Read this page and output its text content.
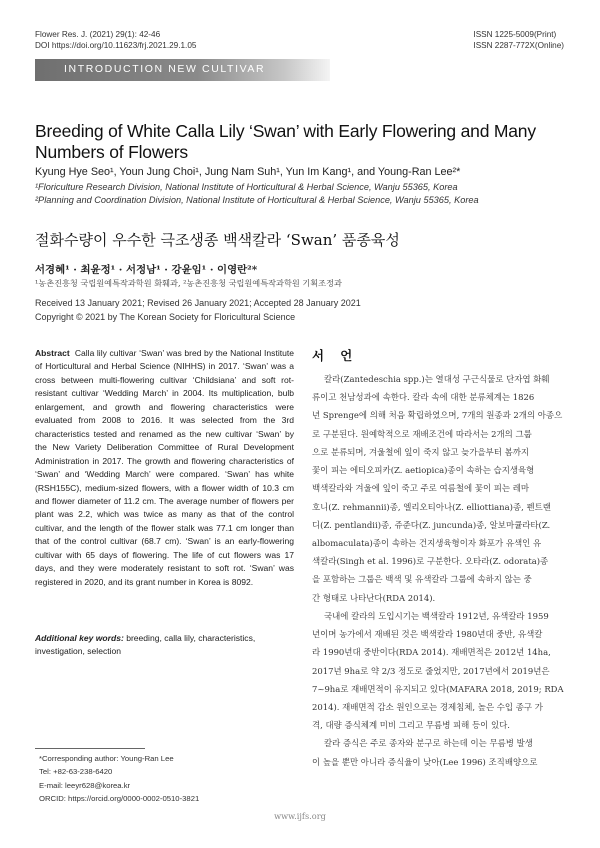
Flower Res. J. (2021) 29(1): 42-46
DOI https://doi.org/10.11623/frj.2021.29.1.05
ISSN 1225-5009(Print)
ISSN 2287-772X(Online)
INTRODUCTION NEW CULTIVAR
Breeding of White Calla Lily ‘Swan’ with Early Flowering and Many Numbers of Flowers
Kyung Hye Seo¹, Youn Jung Choi¹, Jung Nam Suh¹, Yun Im Kang¹, and Young-Ran Lee²*
¹Floriculture Research Division, National Institute of Horticultural & Herbal Science, Wanju 55365, Korea
²Planning and Coordination Division, National Institute of Horticultural & Herbal Science, Wanju 55365, Korea
절화수량이 우수한 극조생종 백색칼라 ‘Swan’ 품종육성
서경혜¹ · 최윤정¹ · 서정남¹ · 강윤임¹ · 이영란²*
¹농촌진흥청 국립원예특작과학원 화훼과, ²농촌진흥청 국립원예특작과학원 기획조정과
Received 13 January 2021; Revised 26 January 2021; Accepted 28 January 2021
Copyright © 2021 by The Korean Society for Floricultural Science
Abstract Calla lily cultivar ‘Swan’ was bred by the National Institute of Horticultural and Herbal Science (NIHHS) in 2017. ‘Swan’ was a cross between multi-flowering cultivar ‘Childsiana’ and soft rot-resistant cultivar ‘Wedding March’ in 2004. Its multiplication, bulb enlargement, and growth and flowering characteristics were evaluated from 2008 to 2016. It was selected from the 3rd characteristics tested and renamed as the new cultivar ‘Swan’ by the New Variety Deliberation Committee of Rural Development Administration in 2017. The growth and flowering characteristics of ‘Swan’ and ‘Wedding March’ were compared. ‘Swan’ has white (RSH155C), medium-sized flowers, with a flower width of 10.3 cm and flower diameter of 11.2 cm. The average number of flowers per plant was 2.2, which was twice as many as that of the control cultivar, and the length of the flower stalk was 77.1 cm longer than that of the control cultivar (68.7 cm). ‘Swan’ is an early-flowering cultivar with 65 days of flowering. The life of cut flowers was 17 days, and they were moderately resistant to soft rot. ‘Swan’ was registered in 2020, and its grant number in Korea is 8092.
Additional key words: breeding, calla lily, characteristics, investigation, selection
*Corresponding author: Young-Ran Lee
Tel: +82-63-238-6420
E-mail: leeyr628@korea.kr
ORCID: https://orcid.org/0000-0002-0510-3821
서 언

칼라(Zantedeschia spp.)는 열대성 구근식물로 단자엽 화훼

류이고 천남성과에 속한다. 칼라 속에 대한 분류체계는 1826

년 Sprenge에 의해 처음 확립하였으며, 7개의 원종과 2개의 아종으

로 구분된다. 원예학적으로 재배조건에 따라서는 2개의 그룹

으로 분류되며, 겨울철에 잎이 죽지 않고 늦가을부터 봄까지

꽃이 피는 에티오피카(Z. aetiopica)종이 속하는 습지생육형

백색칼라와 겨울에 잎이 죽고 주로 여름철에 꽃이 피는 레마

호니(Z. rehmannii)종, 엘리오티아나(Z. elliottiana)종, 펜트랜

디(Z. pentlandii)종, 쥬준다(Z. juncunda)종, 알보마큘라타(Z.

albomaculata)종이 속하는 건지생육형이자 화포가 유색인 유

색칼라(Singh et al. 1996)로 구분한다. 오타라(Z. odorata)종

을 포함하는 그룹은 백색 및 유색칼라 그룹에 속하지 않는 중

간 형태로 나타난다(RDA 2014).

국내에 칼라의 도입시기는 백색칼라 1912년, 유색칼라 1959

년이며 농가에서 재배된 것은 백색칼라 1980년대 중반, 유색칼

라 1990년대 중반이다(RDA 2014). 재배면적은 2012년 14ha,

2017년 9ha로 약 2/3 정도로 줄었지만, 2017년에서 2019년은

7~9ha로 재배면적이 유지되고 있다(MAFARA 2018, 2019; RDA

2014). 재배면적 감소 원인으로는 경제침체, 높은 수입 종구 가

격, 대량 증식체계 미비 그리고 무름병 피해 등이 있다.

칼라 증식은 주로 종자와 분구로 하는데 이는 무름병 발생

이 높을 뿐만 아니라 증식율이 낮아(Lee 1996) 조직배양으로

www.ijfs.org
